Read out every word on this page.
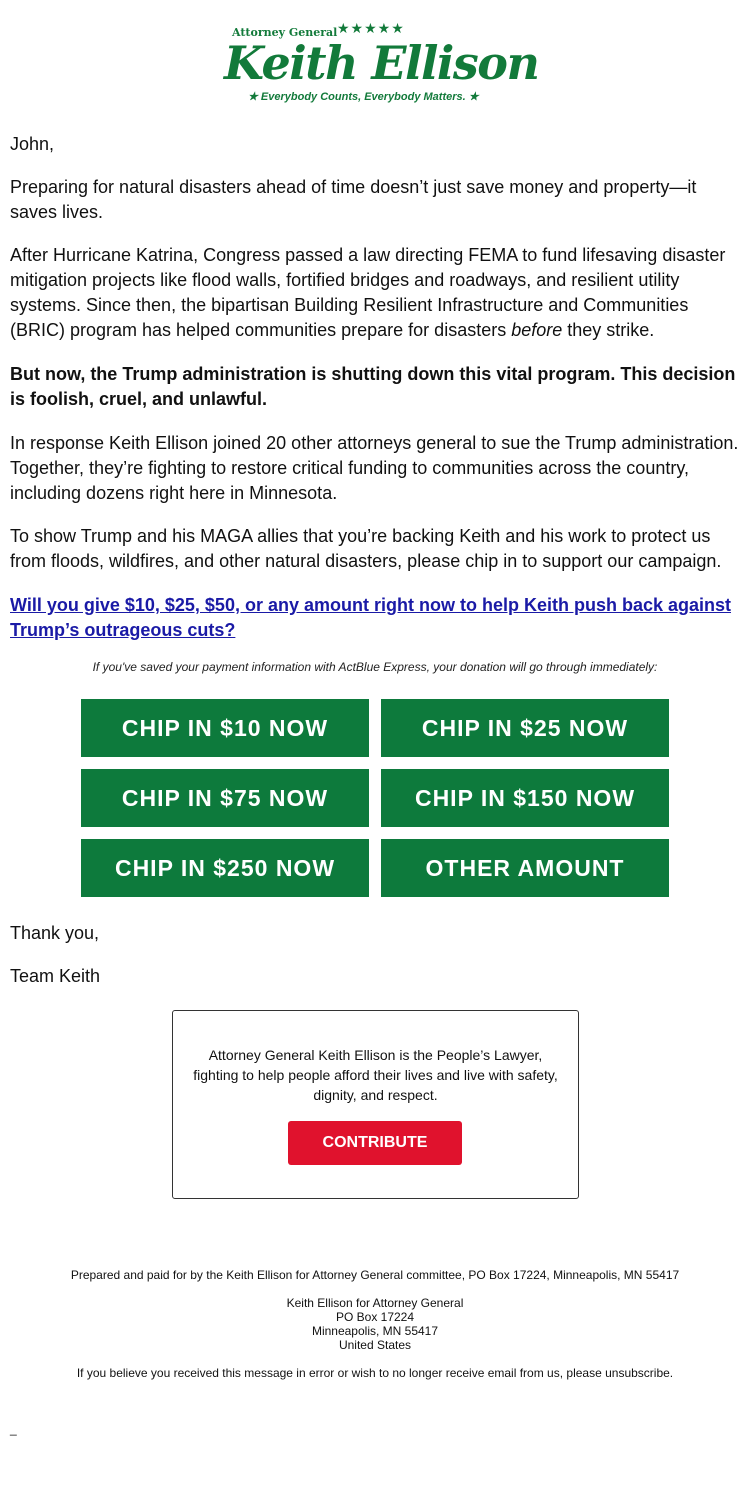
Attorney General ★★★★★
Keith Ellison
★ Everybody Counts, Everybody Matters. ★

John,

Preparing for natural disasters ahead of time doesn’t just save money and property—it saves lives.

After Hurricane Katrina, Congress passed a law directing FEMA to fund lifesaving disaster mitigation projects like flood walls, fortified bridges and roadways, and resilient utility systems. Since then, the bipartisan Building Resilient Infrastructure and Communities (BRIC) program has helped communities prepare for disasters before they strike.

But now, the Trump administration is shutting down this vital program. This decision is foolish, cruel, and unlawful.

In response Keith Ellison joined 20 other attorneys general to sue the Trump administration. Together, they’re fighting to restore critical funding to communities across the country, including dozens right here in Minnesota.

To show Trump and his MAGA allies that you’re backing Keith and his work to protect us from floods, wildfires, and other natural disasters, please chip in to support our campaign.

Will you give $10, $25, $50, or any amount right now to help Keith push back against Trump’s outrageous cuts?

If you've saved your payment information with ActBlue Express, your donation will go through immediately:
CHIP IN $10 NOW	CHIP IN $25 NOW
CHIP IN $75 NOW	CHIP IN $150 NOW
CHIP IN $250 NOW	OTHER AMOUNT

Thank you,

Team Keith

Attorney General Keith Ellison is the People’s Lawyer, fighting to help people afford their lives and live with safety, dignity, and respect.
CONTRIBUTE
Prepared and paid for by the Keith Ellison for Attorney General committee, PO Box 17224, Minneapolis, MN 55417
Keith Ellison for Attorney General
PO Box 17224
Minneapolis, MN 55417
United States
If you believe you received this message in error or wish to no longer receive email from us, please unsubscribe.
_
